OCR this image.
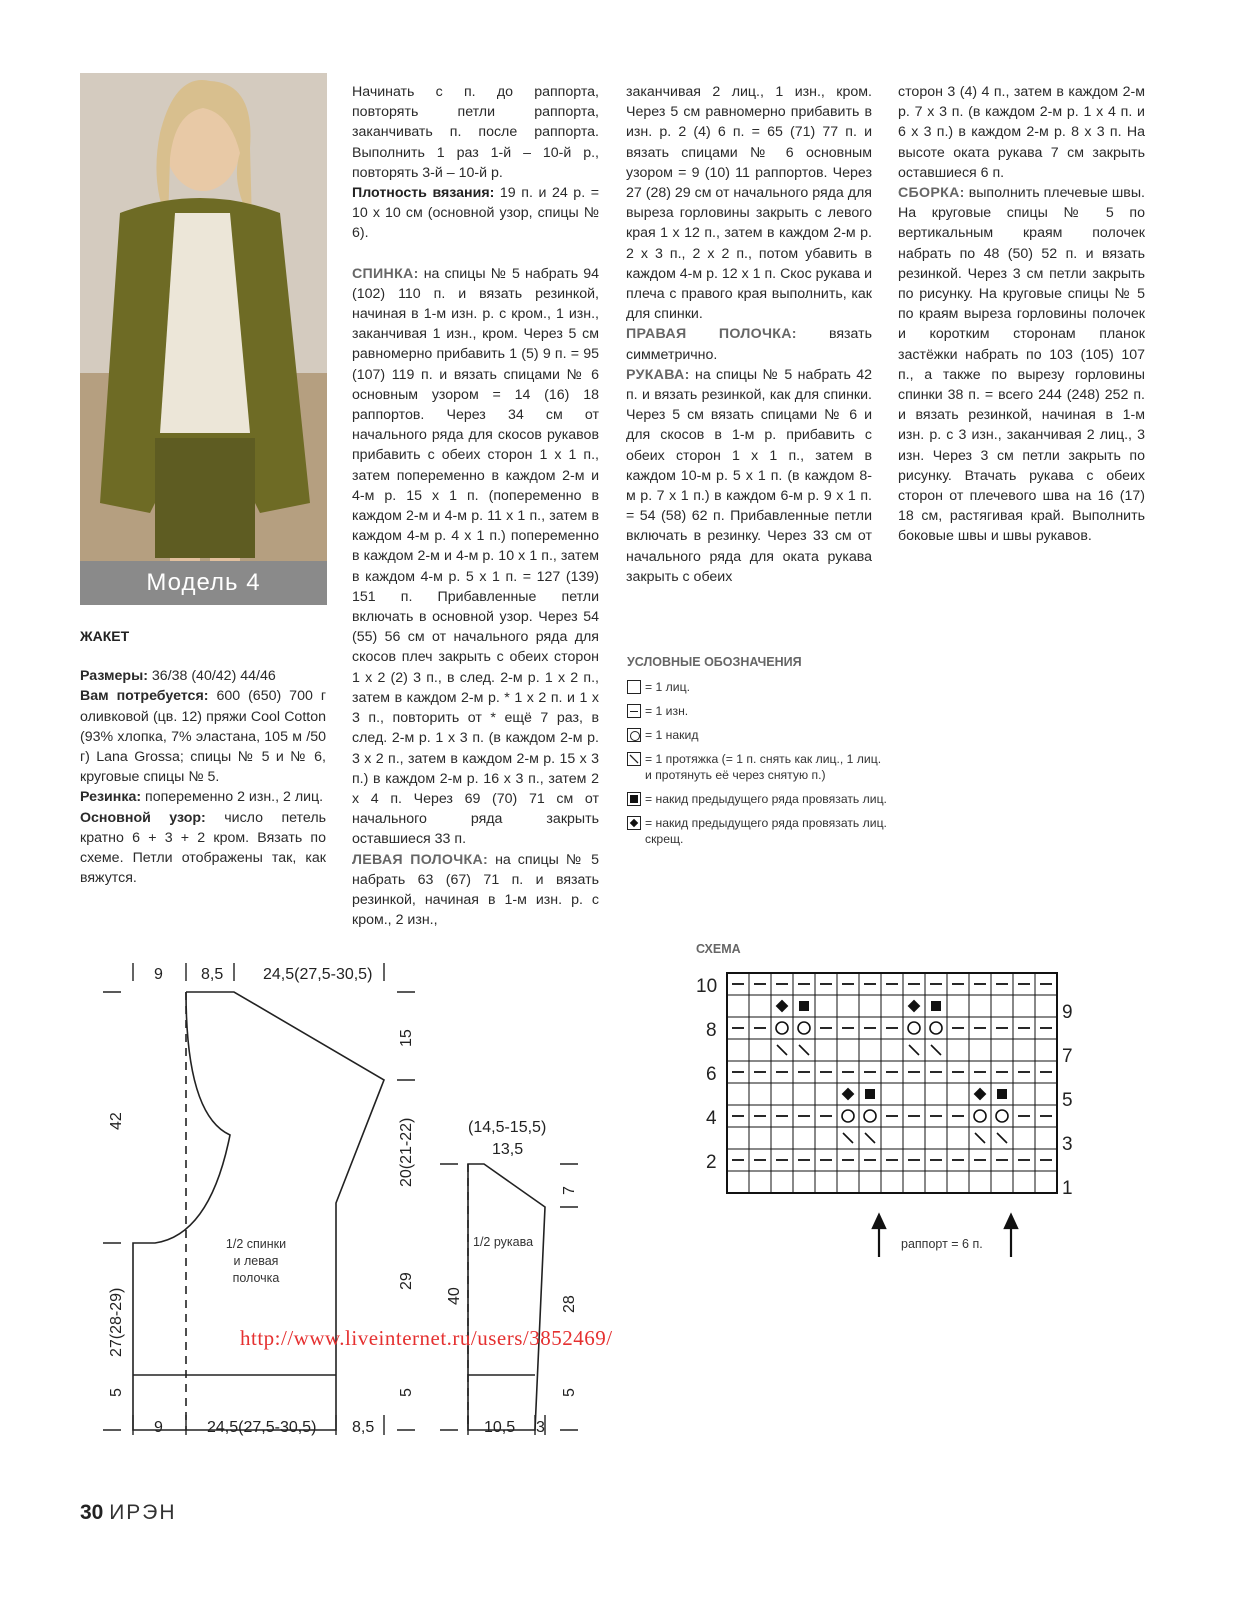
Модель 4

ЖАКЕТ

Размеры: 36/38 (40/42) 44/46

Вам потребуется: 600 (650) 700 г оливковой (цв. 12) пряжи Cool Cotton (93% хлопка, 7% эластана, 105 м /50 г) Lana Grossa; спицы № 5 и № 6, круговые спицы № 5.

Резинка: попеременно 2 изн., 2 лиц.

Основной узор: число петель кратно 6 + 3 + 2 кром. Вязать по схеме. Петли отображены так, как вяжутся.

Начинать с п. до раппорта, повторять петли раппорта, заканчивать п. после раппорта. Выполнить 1 раз 1-й – 10-й р., повторять 3-й – 10-й р.

Плотность вязания: 19 п. и 24 р. = 10 х 10 см (основной узор, спицы № 6).

СПИНКА: на спицы № 5 набрать 94 (102) 110 п. и вязать резинкой, начиная в 1-м изн. р. с кром., 1 изн., заканчивая 1 изн., кром. Через 5 см равномерно прибавить 1 (5) 9 п. = 95 (107) 119 п. и вязать спицами № 6 основным узором = 14 (16) 18 раппортов. Через 34 см от начального ряда для скосов рукавов прибавить с обеих сторон 1 х 1 п., затем попеременно в каждом 2-м и 4-м р. 15 х 1 п. (попеременно в каждом 2-м и 4-м р. 11 х 1 п., затем в каждом 4-м р. 4 х 1 п.) попеременно в каждом 2-м и 4-м р. 10 х 1 п., затем в каждом 4-м р. 5 х 1 п. = 127 (139) 151 п. Прибавленные петли включать в основной узор. Через 54 (55) 56 см от начального ряда для скосов плеч закрыть с обеих сторон 1 х 2 (2) 3 п., в след. 2-м р. 1 х 2 п., затем в каждом 2-м р. * 1 х 2 п. и 1 х 3 п., повторить от * ещё 7 раз, в след. 2-м р. 1 х 3 п. (в каждом 2-м р. 3 х 2 п., затем в каждом 2-м р. 15 х 3 п.) в каждом 2-м р. 16 х 3 п., затем 2 х 4 п. Через 69 (70) 71 см от начального ряда закрыть оставшиеся 33 п.

ЛЕВАЯ ПОЛОЧКА: на спицы № 5 набрать 63 (67) 71 п. и вязать резинкой, начиная в 1-м изн. р. с кром., 2 изн.,

заканчивая 2 лиц., 1 изн., кром. Через 5 см равномерно прибавить в изн. р. 2 (4) 6 п. = 65 (71) 77 п. и вязать спицами № 6 основным узором = 9 (10) 11 раппортов. Через 27 (28) 29 см от начального ряда для выреза горловины закрыть с левого края 1 х 12 п., затем в каждом 2-м р. 2 х 3 п., 2 х 2 п., потом убавить в каждом 4-м р. 12 х 1 п. Скос рукава и плеча с правого края выполнить, как для спинки.

ПРАВАЯ ПОЛОЧКА: вязать симметрично.

РУКАВА: на спицы № 5 набрать 42 п. и вязать резинкой, как для спинки. Через 5 см вязать спицами № 6 и для скосов в 1-м р. прибавить с обеих сторон 1 х 1 п., затем в каждом 10-м р. 5 х 1 п. (в каждом 8-м р. 7 х 1 п.) в каждом 6-м р. 9 х 1 п. = 54 (58) 62 п. Прибавленные петли включать в резинку. Через 33 см от начального ряда для оката рукава закрыть с обеих

сторон 3 (4) 4 п., затем в каждом 2-м р. 7 х 3 п. (в каждом 2-м р. 1 х 4 п. и 6 х 3 п.) в каждом 2-м р. 8 х 3 п. На высоте оката рукава 7 см закрыть оставшиеся 6 п.

СБОРКА: выполнить плечевые швы. На круговые спицы № 5 по вертикальным краям полочек набрать по 48 (50) 52 п. и вязать резинкой. Через 3 см петли закрыть по рисунку. На круговые спицы № 5 по краям выреза горловины полочек и коротким сторонам планок застёжки набрать по 103 (105) 107 п., а также по вырезу горловины спинки 38 п. = всего 244 (248) 252 п. и вязать резинкой, начиная в 1-м изн. р. с 3 изн., заканчивая 2 лиц., 3 изн. Через 3 см петли закрыть по рисунку. Втачать рукава с обеих сторон от плечевого шва на 16 (17) 18 см, растягивая край. Выполнить боковые швы и швы рукавов.

УСЛОВНЫЕ ОБОЗНАЧЕНИЯ
= 1 лиц.
= 1 изн.
= 1 накид
= 1 протяжка (= 1 п. снять как лиц., 1 лиц. и протянуть её через снятую п.)
= накид предыдущего ряда провязать лиц.
= накид предыдущего ряда провязать лиц. скрещ.
9 8,5 24,5(27,5-30,5)
15
20(21-22)
29
5
42
27(28-29)
5
9	24,5(27,5-30,5) 8,5
1/2 спинки
и левая
полочка
(14,5-15,5)
13,5
7
28
5
40
10,5 3
1/2 рукава
СХЕМА
10
8
6
4
2
9
7
5
3
1
раппорт = 6 п.
http://www.liveinternet.ru/users/3852469/
30 ИРЭН
